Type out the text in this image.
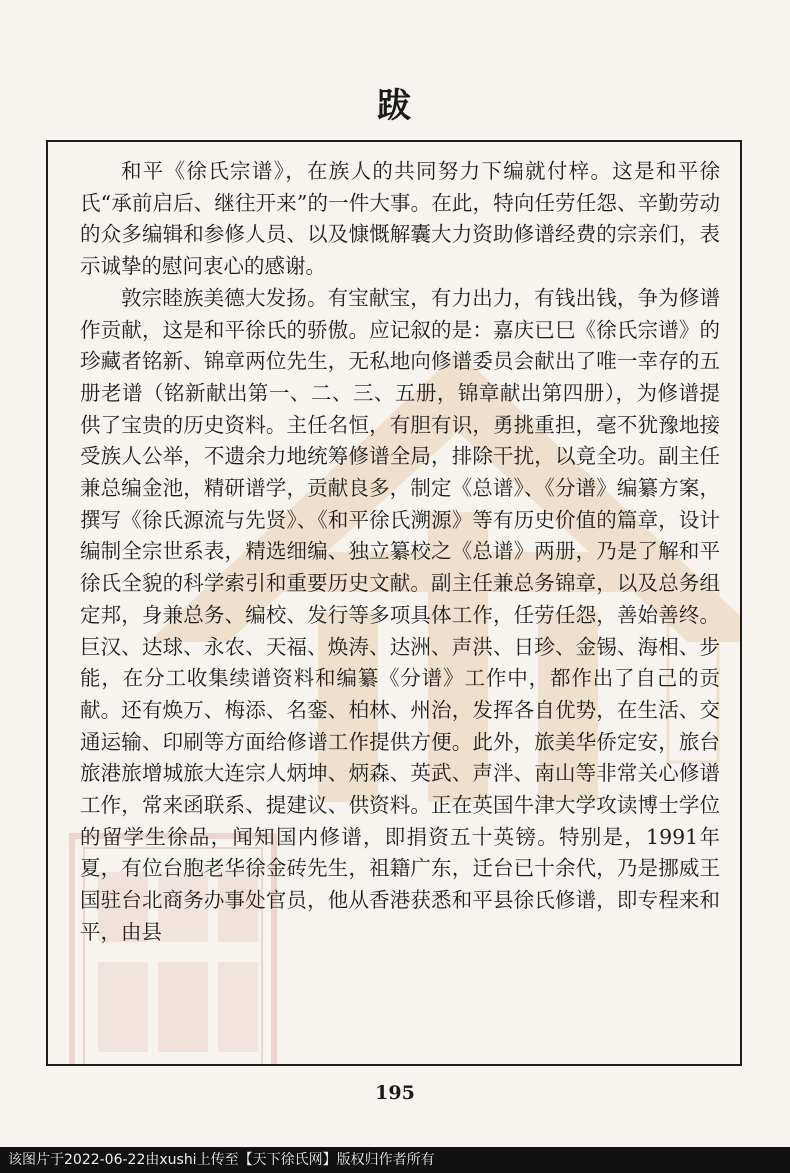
跋

和平《徐氏宗谱》，在族人的共同努力下编就付梓。这是和平徐氏“承前启后、继往开来”的一件大事。在此，特向任劳任怨、辛勤劳动的众多编辑和参修人员、以及慷慨解囊大力资助修谱经费的宗亲们，表示诚挚的慰问衷心的感谢。

敦宗睦族美德大发扬。有宝献宝，有力出力，有钱出钱，争为修谱作贡献，这是和平徐氏的骄傲。应记叙的是：嘉庆已巳《徐氏宗谱》的珍藏者铭新、锦章两位先生，无私地向修谱委员会献出了唯一幸存的五册老谱（铭新献出第一、二、三、五册，锦章献出第四册），为修谱提供了宝贵的历史资料。主任名恒，有胆有识，勇挑重担，毫不犹豫地接受族人公举，不遗余力地统筹修谱全局，排除干扰，以竟全功。副主任兼总编金池，精研谱学，贡献良多，制定《总谱》、《分谱》编纂方案，撰写《徐氏源流与先贤》、《和平徐氏溯源》等有历史价值的篇章，设计编制全宗世系表，精选细编、独立纂校之《总谱》两册，乃是了解和平徐氏全貌的科学索引和重要历史文献。副主任兼总务锦章，以及总务组定邦，身兼总务、编校、发行等多项具体工作，任劳任怨，善始善终。巨汉、达球、永农、天福、焕涛、达洲、声洪、日珍、金锡、海相、步能，在分工收集续谱资料和编纂《分谱》工作中，都作出了自己的贡献。还有焕万、梅添、名銮、柏林、州治，发挥各自优势，在生活、交通运输、印刷等方面给修谱工作提供方便。此外，旅美华侨定安，旅台旅港旅增城旅大连宗人炳坤、炳森、英武、声泮、南山等非常关心修谱工作，常来函联系、提建议、供资料。正在英国牛津大学攻读博士学位的留学生徐品，闻知国内修谱，即捐资五十英镑。特别是，1991年夏，有位台胞老华徐金砖先生，祖籍广东，迁台已十余代，乃是挪威王国驻台北商务办事处官员，他从香港获悉和平县徐氏修谱，即专程来和平，由县

195
该图片于2022-06-22由xushi上传至【天下徐氏网】版权归作者所有
